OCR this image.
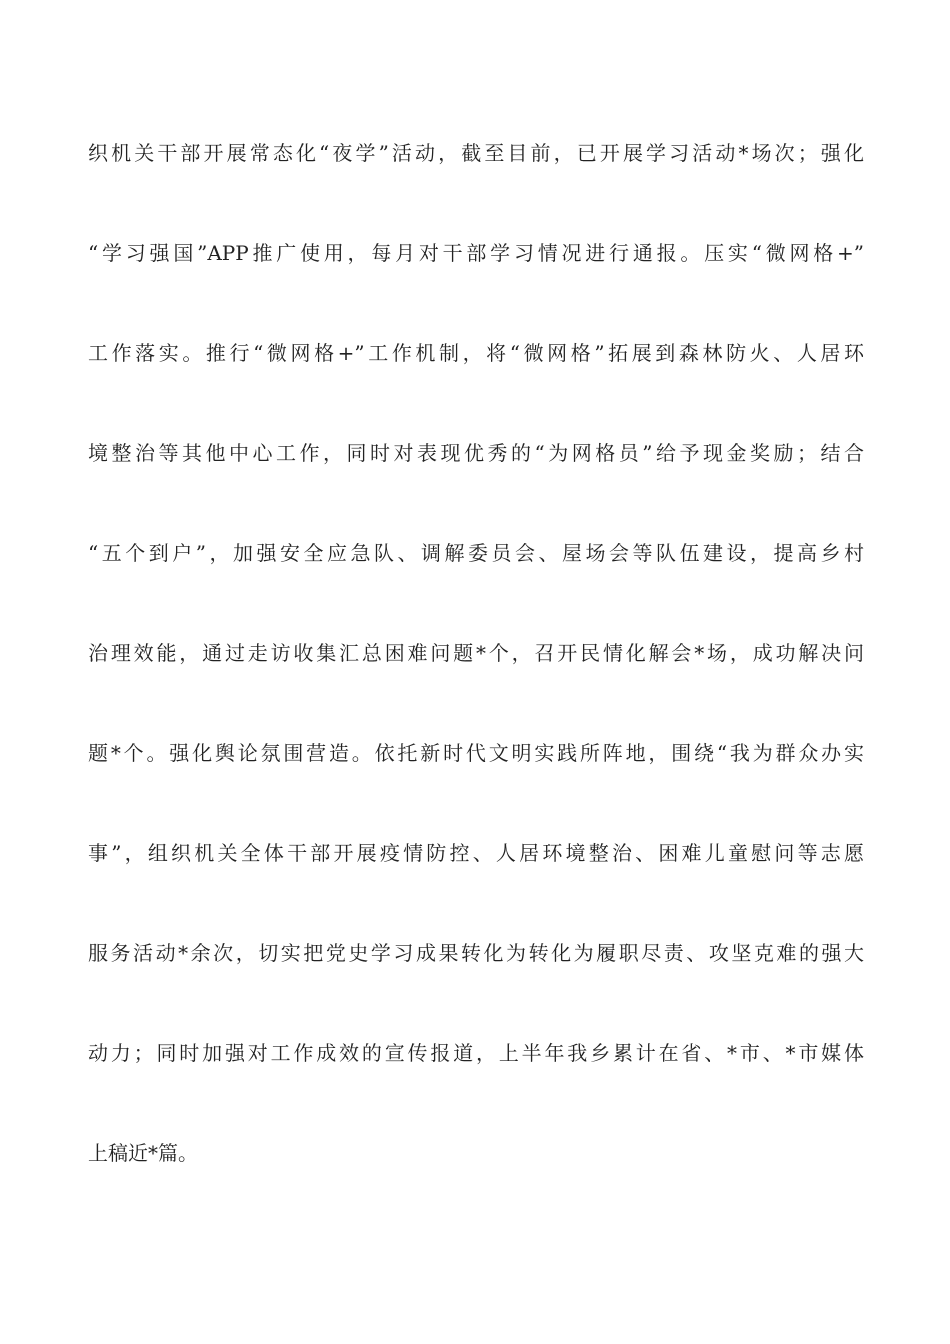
织机关干部开展常态化“夜学”活动，截至目前，已开展学习活动*场次；强化
“学习强国”APP推广使用，每月对干部学习情况进行通报。压实“微网格+”
工作落实。推行“微网格+”工作机制，将“微网格”拓展到森林防火、人居环
境整治等其他中心工作，同时对表现优秀的“为网格员”给予现金奖励；结合
“五个到户”，加强安全应急队、调解委员会、屋场会等队伍建设，提高乡村
治理效能，通过走访收集汇总困难问题*个，召开民情化解会*场，成功解决问
题*个。强化舆论氛围营造。依托新时代文明实践所阵地，围绕“我为群众办实
事”，组织机关全体干部开展疫情防控、人居环境整治、困难儿童慰问等志愿
服务活动*余次，切实把党史学习成果转化为转化为履职尽责、攻坚克难的强大
动力；同时加强对工作成效的宣传报道，上半年我乡累计在省、*市、*市媒体
上稿近*篇。
